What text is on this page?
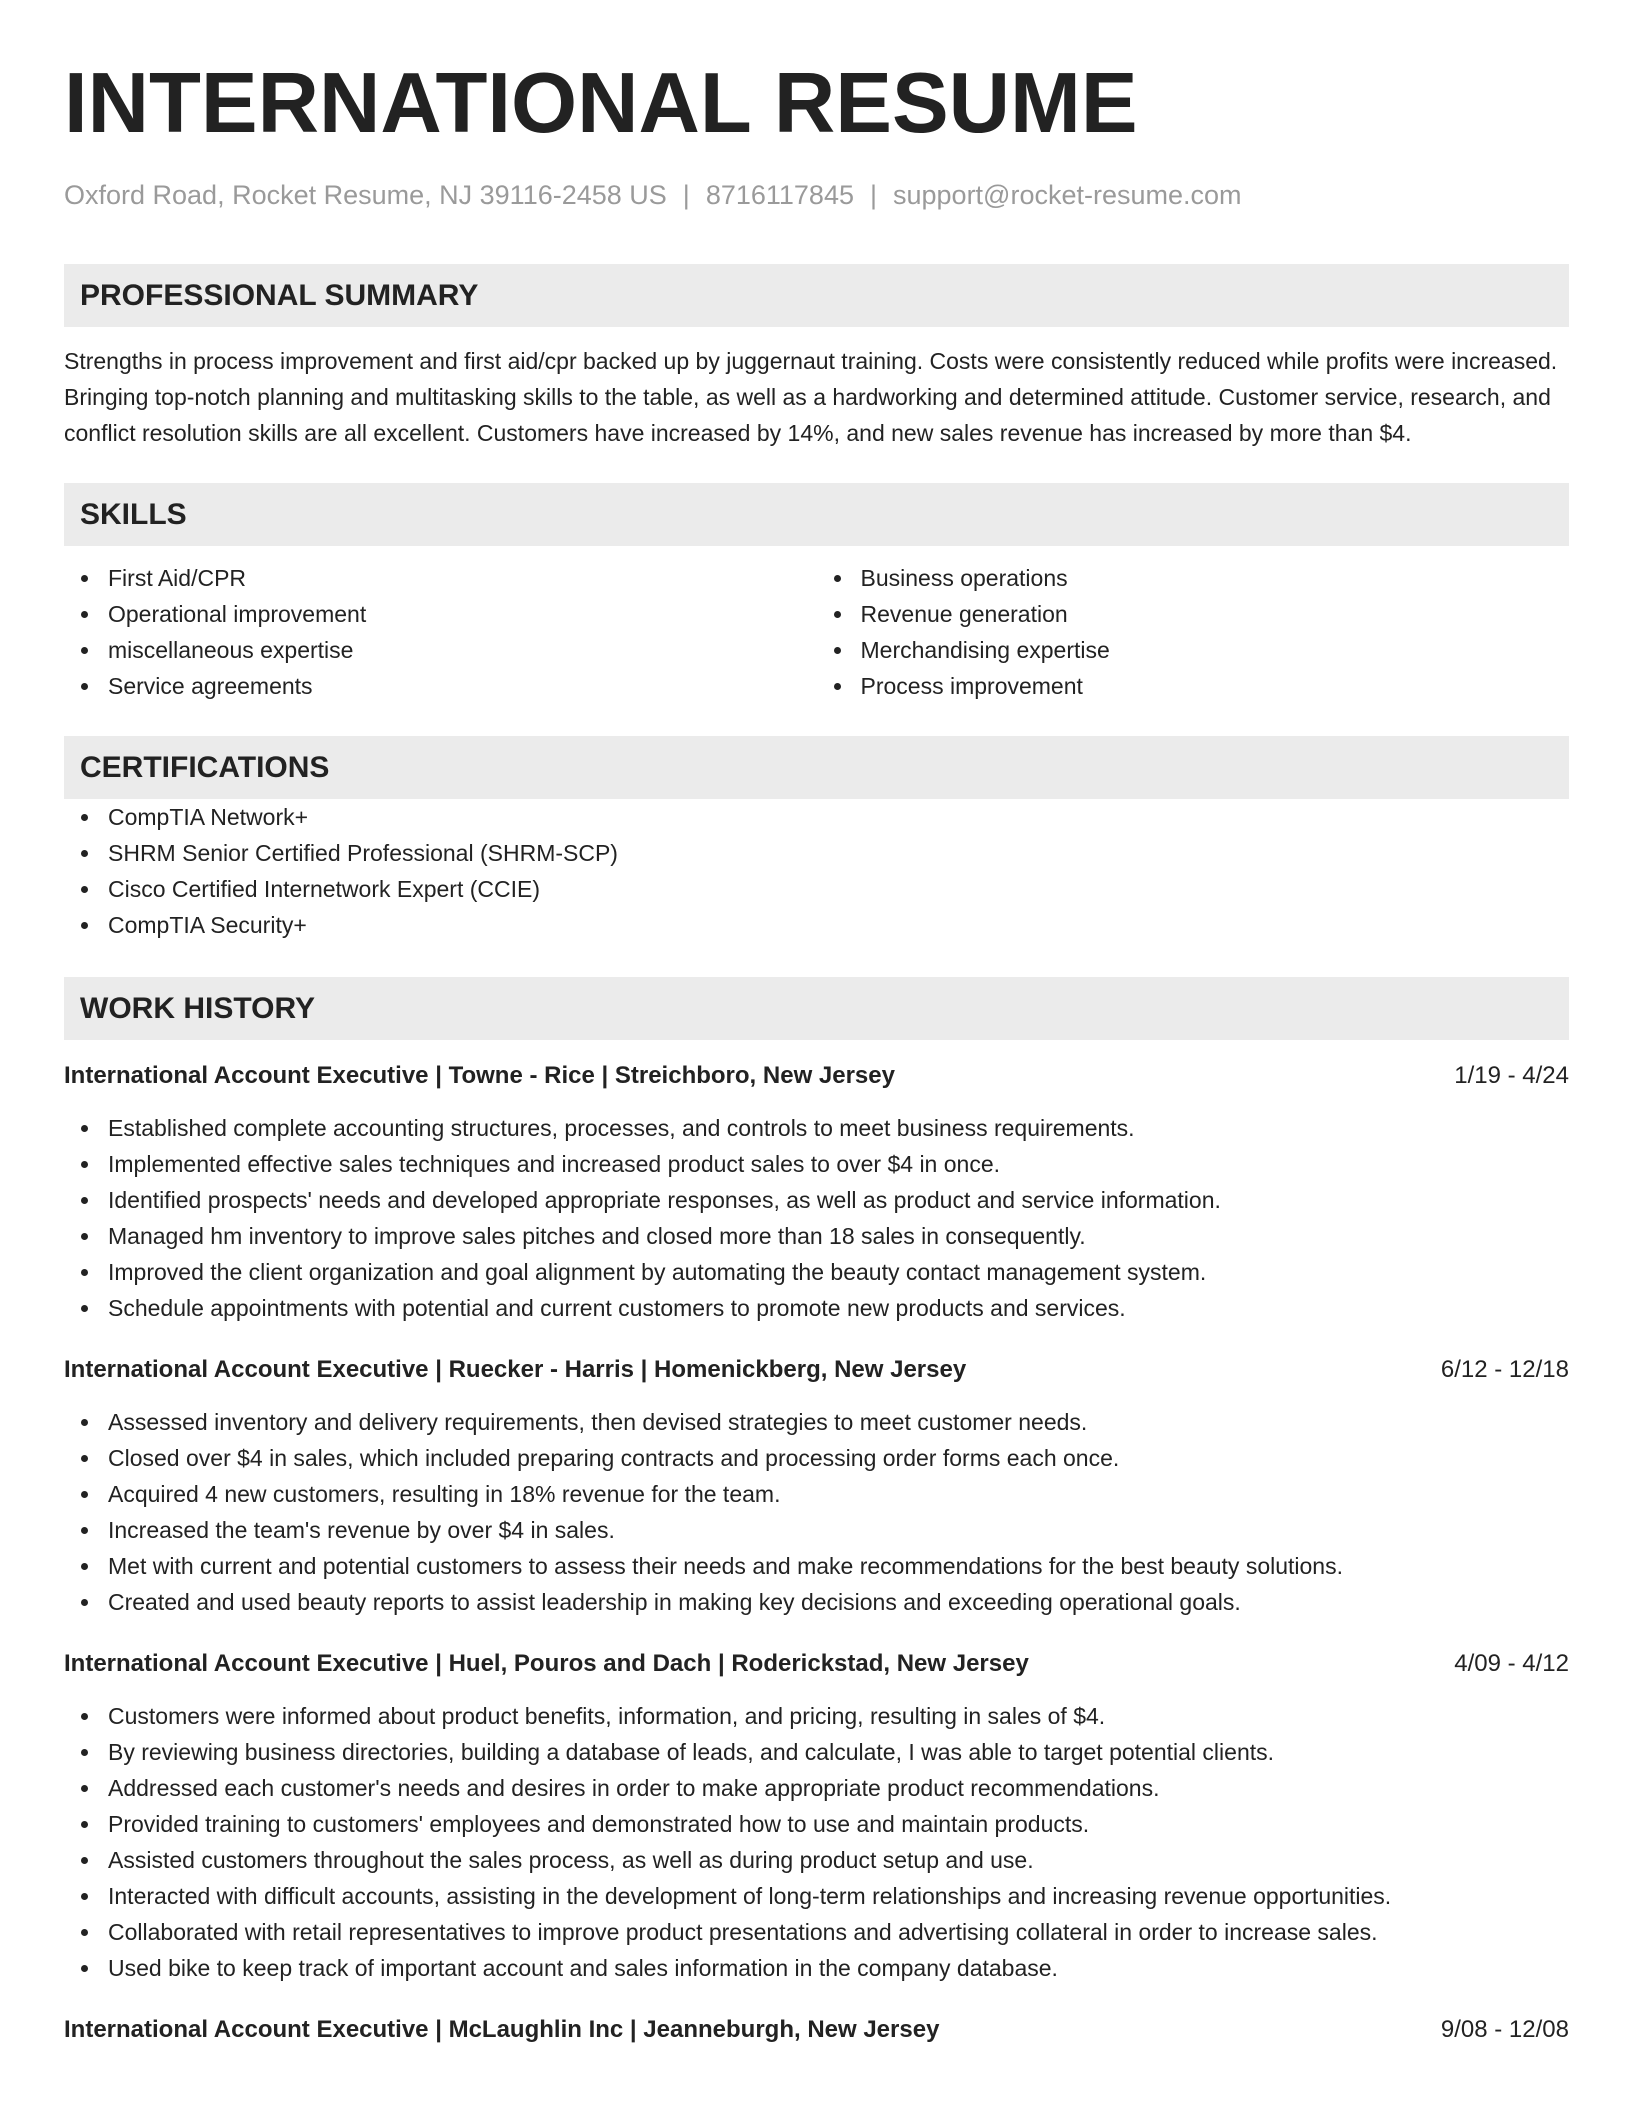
INTERNATIONAL RESUME
Oxford Road, Rocket Resume, NJ 39116-2458 US | 8716117845 | support@rocket-resume.com
PROFESSIONAL SUMMARY
Strengths in process improvement and first aid/cpr backed up by juggernaut training. Costs were consistently reduced while profits were increased. Bringing top-notch planning and multitasking skills to the table, as well as a hardworking and determined attitude. Customer service, research, and conflict resolution skills are all excellent. Customers have increased by 14%, and new sales revenue has increased by more than $4.
SKILLS
First Aid/CPR
Operational improvement
miscellaneous expertise
Service agreements
Business operations
Revenue generation
Merchandising expertise
Process improvement
CERTIFICATIONS
CompTIA Network+
SHRM Senior Certified Professional (SHRM-SCP)
Cisco Certified Internetwork Expert (CCIE)
CompTIA Security+
WORK HISTORY
International Account Executive | Towne - Rice | Streichboro, New Jersey	1/19 - 4/24
Established complete accounting structures, processes, and controls to meet business requirements.
Implemented effective sales techniques and increased product sales to over $4 in once.
Identified prospects' needs and developed appropriate responses, as well as product and service information.
Managed hm inventory to improve sales pitches and closed more than 18 sales in consequently.
Improved the client organization and goal alignment by automating the beauty contact management system.
Schedule appointments with potential and current customers to promote new products and services.
International Account Executive | Ruecker - Harris | Homenickberg, New Jersey	6/12 - 12/18
Assessed inventory and delivery requirements, then devised strategies to meet customer needs.
Closed over $4 in sales, which included preparing contracts and processing order forms each once.
Acquired 4 new customers, resulting in 18% revenue for the team.
Increased the team's revenue by over $4 in sales.
Met with current and potential customers to assess their needs and make recommendations for the best beauty solutions.
Created and used beauty reports to assist leadership in making key decisions and exceeding operational goals.
International Account Executive | Huel, Pouros and Dach | Roderickstad, New Jersey	4/09 - 4/12
Customers were informed about product benefits, information, and pricing, resulting in sales of $4.
By reviewing business directories, building a database of leads, and calculate, I was able to target potential clients.
Addressed each customer's needs and desires in order to make appropriate product recommendations.
Provided training to customers' employees and demonstrated how to use and maintain products.
Assisted customers throughout the sales process, as well as during product setup and use.
Interacted with difficult accounts, assisting in the development of long-term relationships and increasing revenue opportunities.
Collaborated with retail representatives to improve product presentations and advertising collateral in order to increase sales.
Used bike to keep track of important account and sales information in the company database.
International Account Executive | McLaughlin Inc | Jeanneburgh, New Jersey	9/08 - 12/08
